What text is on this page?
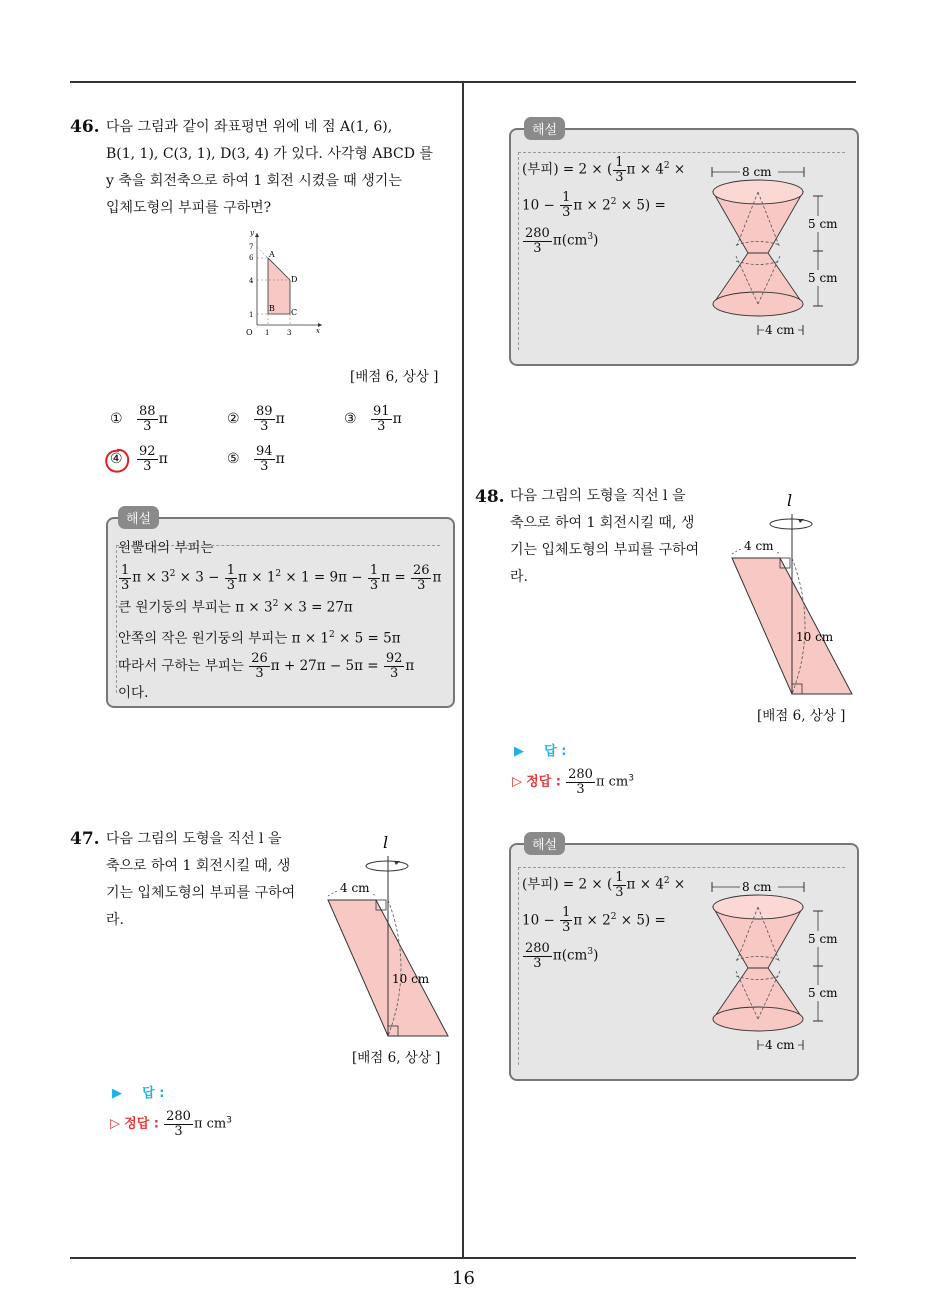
16
46. 다음 그림과 같이 좌표평면 위에 네 점 A(1, 6),
B(1, 1), C(3, 1), D(3, 4) 가 있다. 사각형 ABCD 를
y 축을 회전축으로 하여 1 회전 시켰을 때 생기는
입체도형의 부피를 구하면?
y
x
O
7
6
4
1
1	3
A
B C
D
[배점 6, 상상 ]
① $\frac{88}{3}$ π	② $\frac{89}{3}$ π	③ $\frac{91}{3}$ π
④ $\frac{92}{3}$ π	⑤ $\frac{94}{3}$ π
해설
원뿔대의 부피는
$\frac{1}{3}$ $\pi \times 3^2 \times 3 - \frac{1}{3}$ $\pi \times 1^2 \times 1 = 9\pi - \frac{1}{3}$ $\pi = \frac{26}{3}$ π
큰 원기둥의 부피는 $\pi \times 3^2 \times 3 = 27\pi$
안쪽의 작은 원기둥의 부피는 $\pi \times 1^2 \times 5 = 5\pi$
따라서 구하는 부피는 $\frac{26}{3}$ $\pi + 27\pi - 5\pi = \frac{92}{3}$ π
이다.
47. 다음 그림의 도형을 직선 l 을
축으로 하여 1 회전시킬 때, 생
기는 입체도형의 부피를 구하여
라.
l
4 cm
10 cm
[배점 6, 상상 ]
▶ 답 :
▷ 정답 : $\frac{280}{3}$ π $cm^3$
해설
(부피) = 2 × ( $\frac{1}{3}$ $\pi \times 4^2$ ×
$10 - \frac{1}{3}$ $\pi \times 2^2 \times 5$) =
$\frac{280}{3} \pi(cm^3)$
8 cm
5 cm
5 cm
4 cm
48. 다음 그림의 도형을 직선 l 을
축으로 하여 1 회전시킬 때, 생
기는 입체도형의 부피를 구하여
라.
l
4 cm
10 cm
[배점 6, 상상 ]
▶ 답 :
▷ 정답 : $\frac{280}{3}$ π $cm^3$
해설
(부피) = 2 × ( $\frac{1}{3}$ $\pi \times 4^2$ ×
$10 - \frac{1}{3}$ $\pi \times 2^2 \times 5$) =
$\frac{280}{3} \pi(cm^3)$
8 cm
5 cm
5 cm
4 cm
